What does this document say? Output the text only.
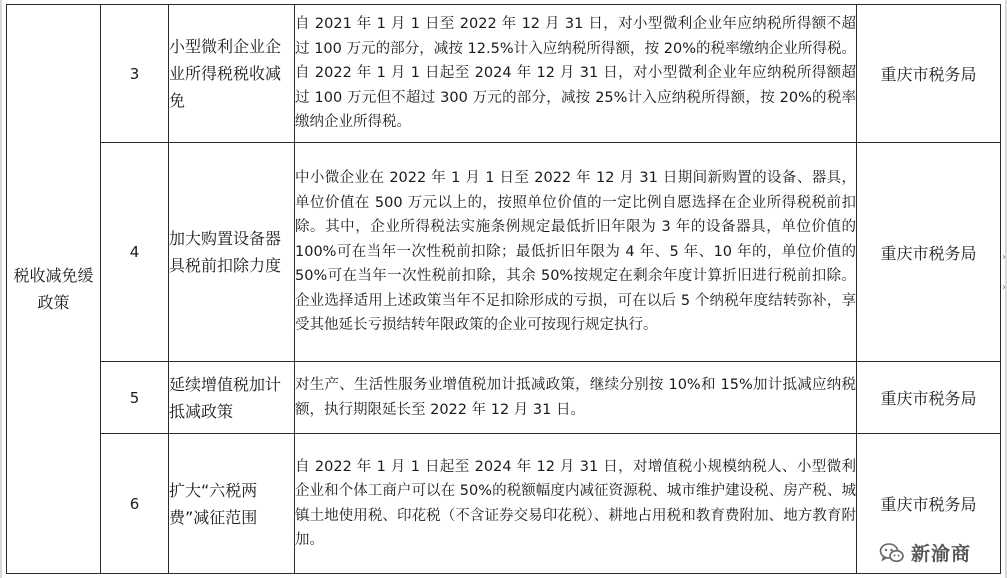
税收减免缓政策	3	小型微利企业企业所得税税收减免	自 2021 年 1 月 1 日至 2022 年 12 月 31 日，对小型微利企业年应纳税所得额不超过 100 万元的部分，减按 12.5%计入应纳税所得额，按 20%的税率缴纳企业所得税。自 2022 年 1 月 1 日起至 2024 年 12 月 31 日，对小型微利企业年应纳税所得额超过 100 万元但不超过 300 万元的部分，减按 25%计入应纳税所得额，按 20%的税率缴纳企业所得税。	重庆市税务局
	4	加大购置设备器具税前扣除力度	中小微企业在 2022 年 1 月 1 日至 2022 年 12 月 31 日期间新购置的设备、器具，单位价值在 500 万元以上的，按照单位价值的一定比例自愿选择在企业所得税税前扣除。其中，企业所得税法实施条例规定最低折旧年限为 3 年的设备器具，单位价值的 100%可在当年一次性税前扣除；最低折旧年限为 4 年、5 年、10 年的，单位价值的 50%可在当年一次性税前扣除，其余 50%按规定在剩余年度计算折旧进行税前扣除。企业选择适用上述政策当年不足扣除形成的亏损，可在以后 5 个纳税年度结转弥补，享受其他延长亏损结转年限政策的企业可按现行规定执行。	重庆市税务局
	5	延续增值税加计抵减政策	对生产、生活性服务业增值税加计抵减政策，继续分别按 10%和 15%加计抵减应纳税额，执行期限延长至 2022 年 12 月 31 日。	重庆市税务局
	6	扩大“六税两费”减征范围	自 2022 年 1 月 1 日起至 2024 年 12 月 31 日，对增值税小规模纳税人、小型微利企业和个体工商户可以在 50%的税额幅度内减征资源税、城市维护建设税、房产税、城镇土地使用税、印花税（不含证券交易印花税）、耕地占用税和教育费附加、地方教育附加。	重庆市税务局
›
›
新渝商
